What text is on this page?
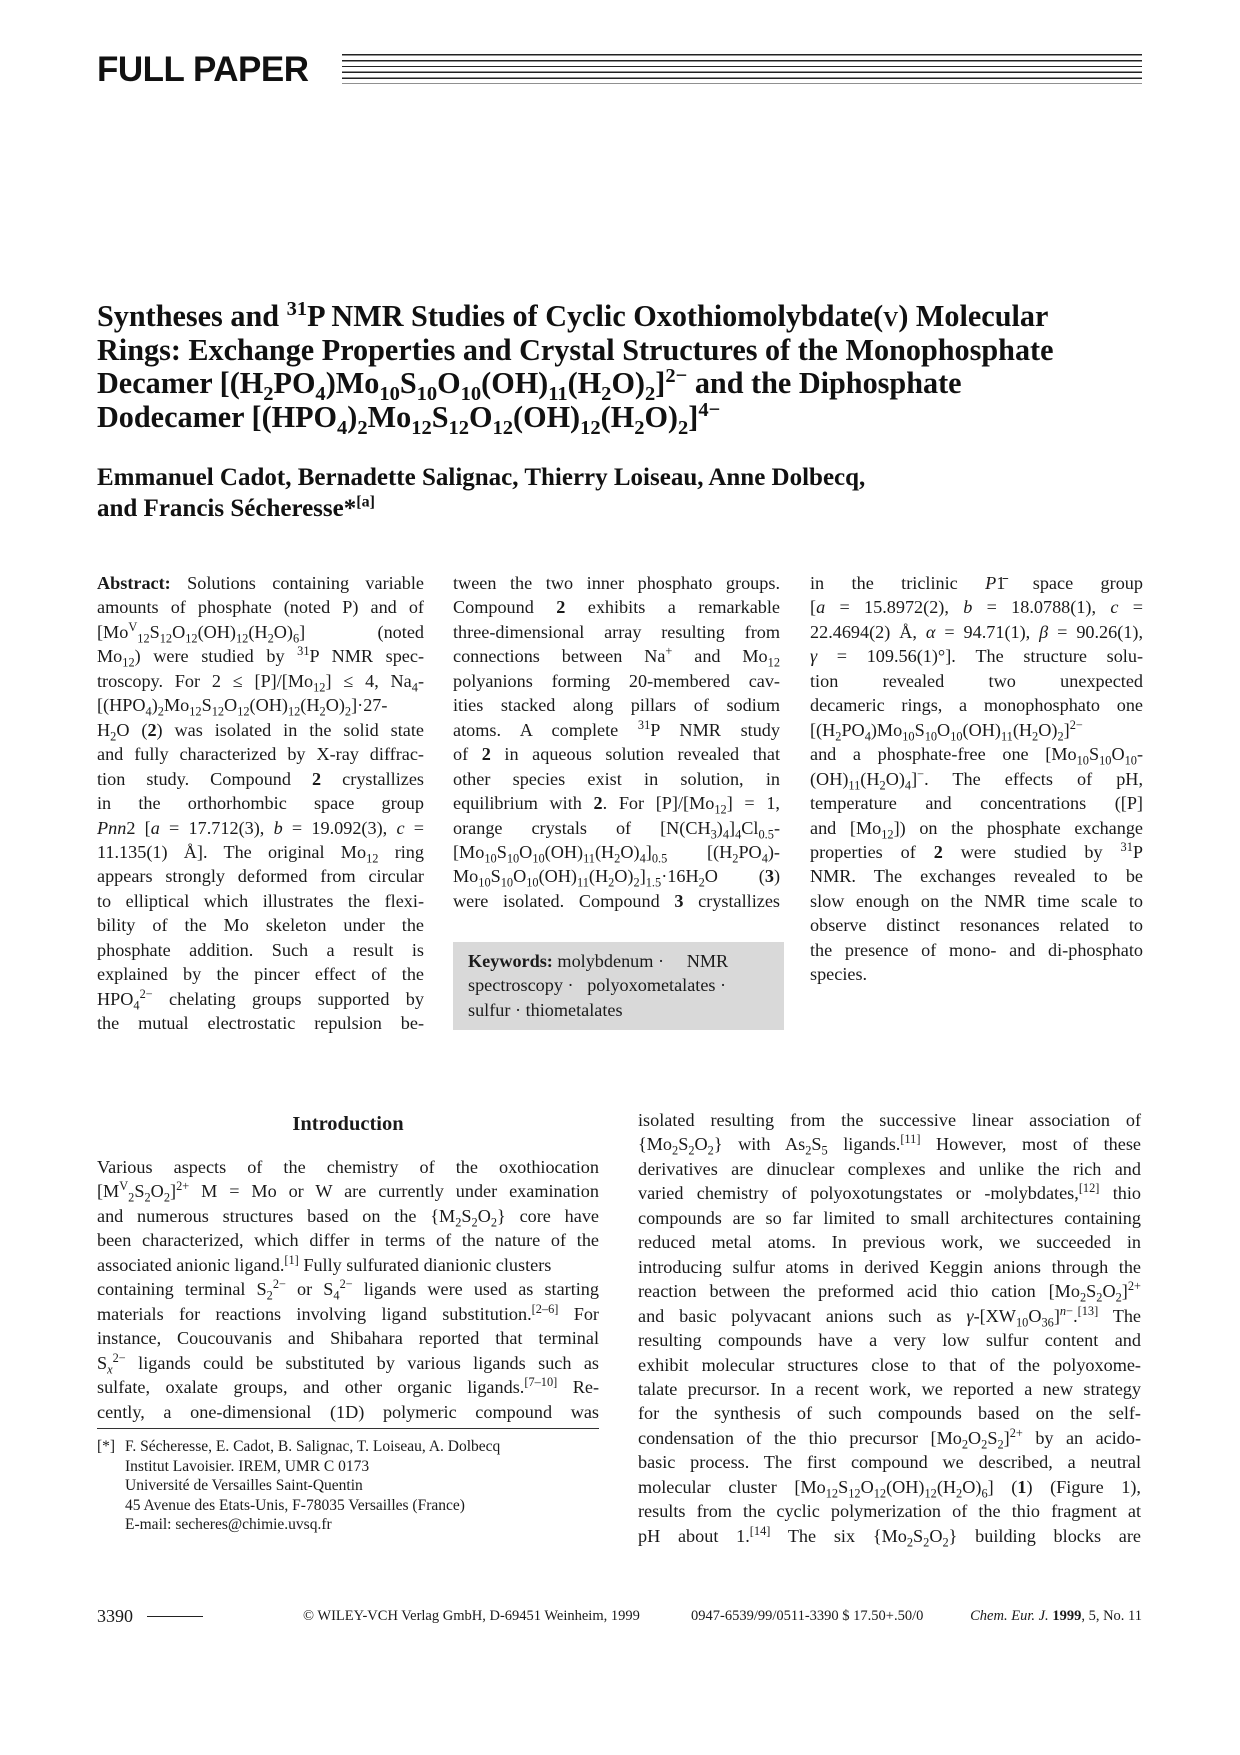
FULL PAPER
Syntheses and $^{31}$P NMR Studies of Cyclic Oxothiomolybdate(v) Molecular
Rings: Exchange Properties and Crystal Structures of the Monophosphate
Decamer $[(H_2PO_4)Mo_{10}S_{10}O_{10}(OH)_{11}(H_2O)_2]^{2-}$ and the Diphosphate
Dodecamer $[(HPO_4)_2Mo_{12}S_{12}O_{12}(OH)_{12}(H_2O)_2]^{4-}$
Emmanuel Cadot, Bernadette Salignac, Thierry Loiseau, Anne Dolbecq,
and Francis Sécheresse*[a]
Abstract: Solutions containing variable
amounts of phosphate (noted P) and of
$[Mo^V_{12}S_{12}O_{12}(OH)_{12}(H_2O)_6]$       (noted
$Mo_{12}$) were studied by $^{31}$P NMR spec-
troscopy. For $2 \le [P]/[Mo_{12}] \le 4$, $Na_4-$
$[(HPO_4)_2Mo_{12}S_{12}O_{12}(OH)_{12}(H_2O)_2]\cdot 27-$
$H_2O$ (2) was isolated in the solid state
and fully characterized by X-ray diffrac-
tion study. Compound 2 crystallizes
in the orthorhombic space group
Pnn2 [a = 17.712(3), b = 19.092(3), c =
11.135(1) Å]. The original $Mo_{12}$ ring
appears strongly deformed from circular
to elliptical which illustrates the flexi-
bility of the Mo skeleton under the
phosphate addition. Such a result is
explained by the pincer effect of the
$HPO_4^{2-}$ chelating groups supported by
the mutual electrostatic repulsion be-
tween the two inner phosphato groups.
Compound 2 exhibits a remarkable
three-dimensional array resulting from
connections between Na+ and $Mo_{12}$
polyanions forming 20-membered cav-
ities stacked along pillars of sodium
atoms. A complete $^{31}$P NMR study
of 2 in aqueous solution revealed that
other species exist in solution, in
equilibrium with 2. For $[P]/[Mo_{12}] = 1$,
orange crystals of $[N(CH_3)_4]_4Cl_{0.5}-$
$[Mo_{10}S_{10}O_{10}(OH)_{11}(H_2O)_4]_{0.5}$ [$(H_2PO_4)-$
$Mo_{10}S_{10}O_{10}(OH)_{11}(H_2O)_2]_{1.5}\cdot 16H_2O$ (3)
were isolated. Compound 3 crystallizes
Keywords: molybdenum ·     NMR spectroscopy ·   polyoxometalates · sulfur · thiometalates
in the triclinic P1̄ space group
[a = 15.8972(2), b = 18.0788(1), c =
22.4694(2) Å, α = 94.71(1), β = 90.26(1),
γ = 109.56(1)°]. The structure solu-
tion revealed two unexpected
decameric rings, a monophosphato one
$[(H_2PO_4)Mo_{10}S_{10}O_{10}(OH)_{11}(H_2O)_2]^{2-}$
and a phosphate-free one [$Mo_{10}S_{10}O_{10}-$
$(OH)_{11}(H_2O)_4]^-$. The effects of pH,
temperature and concentrations ([P]
and $[Mo_{12}]$) on the phosphate exchange
properties of 2 were studied by $^{31}$P
NMR. The exchanges revealed to be
slow enough on the NMR time scale to
observe distinct resonances related to
the presence of mono- and di-phosphato
species.
Introduction
Various aspects of the chemistry of the oxothiocation
$[M^V_2S_2O_2]^{2+}$ M = Mo or W are currently under examination
and numerous structures based on the $\{M_2S_2O_2\}$ core have
been characterized, which differ in terms of the nature of the
associated anionic ligand.[1] Fully sulfurated dianionic clusters
containing terminal $S_2^{2-}$ or $S_4^{2-}$ ligands were used as starting
materials for reactions involving ligand substitution.[2–6] For
instance, Coucouvanis and Shibahara reported that terminal
$S_x^{2-}$ ligands could be substituted by various ligands such as
sulfate, oxalate groups, and other organic ligands.[7–10] Re-
cently, a one-dimensional (1D) polymeric compound was
isolated resulting from the successive linear association of
$\{Mo_2S_2O_2\}$ with $As_2S_5$ ligands.[11] However, most of these
derivatives are dinuclear complexes and unlike the rich and
varied chemistry of polyoxotungstates or -molybdates,[12] thio
compounds are so far limited to small architectures containing
reduced metal atoms. In previous work, we succeeded in
introducing sulfur atoms in derived Keggin anions through the
reaction between the preformed acid thio cation $[Mo_2S_2O_2]^{2+}$
and basic polyvacant anions such as $\gamma-[XW_{10}O_{36}]^{n-}.[13]$ The
resulting compounds have a very low sulfur content and
exhibit molecular structures close to that of the polyoxome-
talate precursor. In a recent work, we reported a new strategy
for the synthesis of such compounds based on the self-
condensation of the thio precursor $[Mo_2O_2S_2]^{2+}$ by an acido-
basic process. The first compound we described, a neutral
molecular cluster $[Mo_{12}S_{12}O_{12}(OH)_{12}(H_2O)_6]$ (1) (Figure 1),
results from the cyclic polymerization of the thio fragment at
pH about 1.[14] The six $\{Mo_2S_2O_2\}$ building blocks are
[*] F. Sécheresse, E. Cadot, B. Salignac, T. Loiseau, A. Dolbecq
Institut Lavoisier. IREM, UMR C 0173
Université de Versailles Saint-Quentin
45 Avenue des Etats-Unis, F-78035 Versailles (France)
E-mail: secheres@chimie.uvsq.fr
3390	© WILEY-VCH Verlag GmbH, D-69451 Weinheim, 1999	0947-6539/99/0511-3390 $ 17.50+.50/0	Chem. Eur. J. 1999, 5, No. 11
